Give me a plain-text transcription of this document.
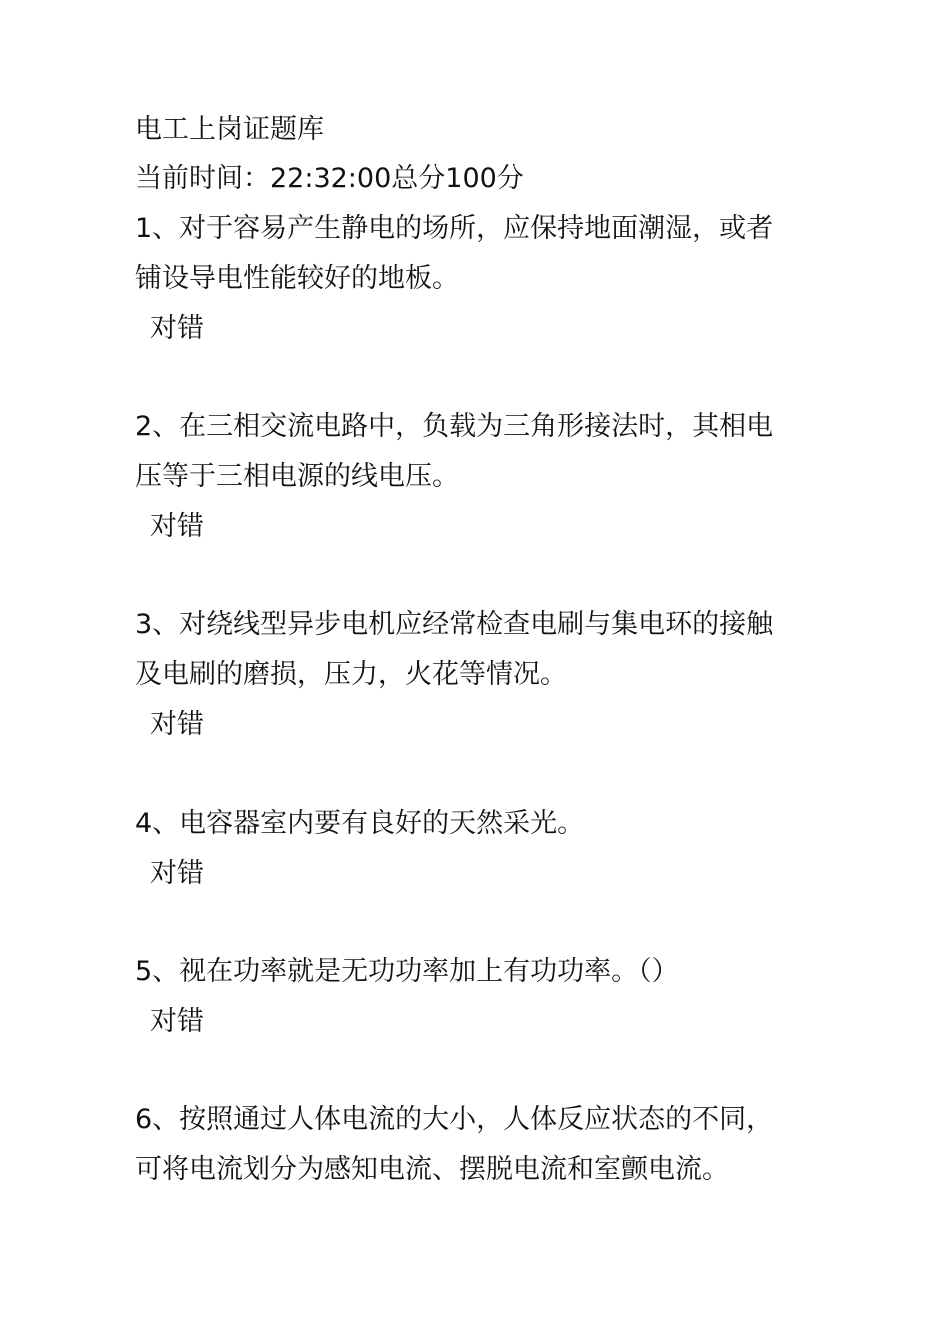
电工上岗证题库
当前时间：22:32:00总分100分
1、对于容易产生静电的场所，应保持地面潮湿，或者
铺设导电性能较好的地板。
对错
2、在三相交流电路中，负载为三角形接法时，其相电
压等于三相电源的线电压。
对错
3、对绕线型异步电机应经常检查电刷与集电环的接触
及电刷的磨损，压力，火花等情况。
对错
4、电容器室内要有良好的天然采光。
对错
5、视在功率就是无功功率加上有功功率。（）
对错
6、按照通过人体电流的大小，人体反应状态的不同，
可将电流划分为感知电流、摆脱电流和室颤电流。
